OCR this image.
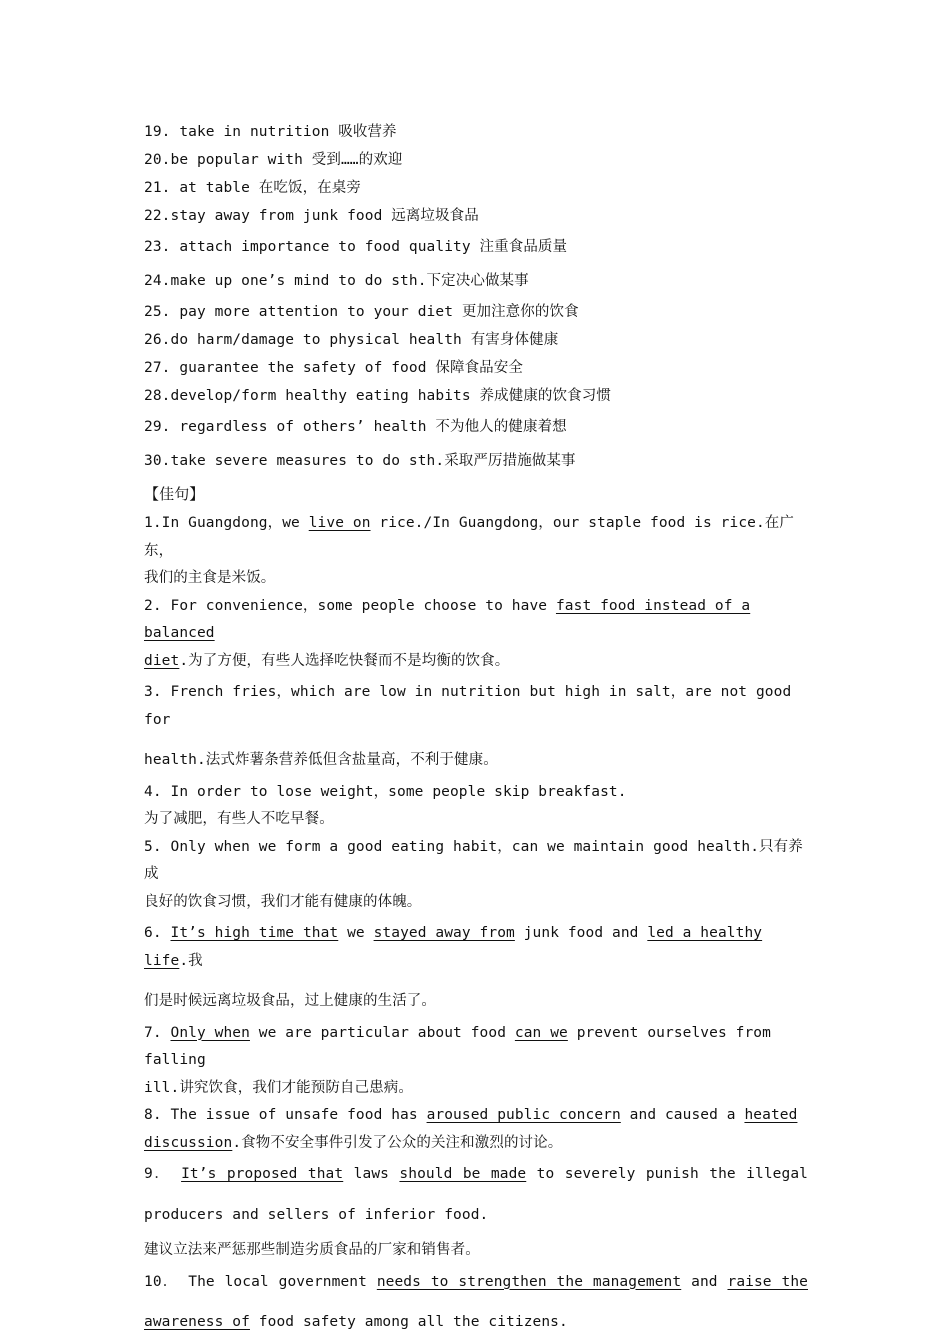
19. take in nutrition 吸收营养
20.be popular with 受到……的欢迎
21. at table 在吃饭，在桌旁
22.stay away from junk food 远离垃圾食品
23. attach importance to food quality 注重食品质量
24.make up one’s mind to do sth.下定决心做某事
25. pay more attention to your diet 更加注意你的饮食
26.do harm/damage to physical health 有害身体健康
27. guarantee the safety of food 保障食品安全
28.develop/form healthy eating habits 养成健康的饮食习惯
29. regardless of others’ health 不为他人的健康着想
30.take severe measures to do sth.采取严厉措施做某事
【佳句】
1.In Guangdong，we live on rice./In Guangdong，our staple food is rice.在广东，
我们的主食是米饭。
2. For convenience，some people choose to have fast food instead of a balanced
diet.为了方便，有些人选择吃快餐而不是均衡的饮食。
3. French fries，which are low in nutrition but high in salt，are not good for
health.法式炸薯条营养低但含盐量高，不利于健康。
4. In order to lose weight，some people skip breakfast.
为了减肥，有些人不吃早餐。
5. Only when we form a good eating habit，can we maintain good health.只有养成
良好的饮食习惯，我们才能有健康的体魄。
6. It’s high time that we stayed away from junk food and led a healthy life.我
们是时候远离垃圾食品，过上健康的生活了。
7. Only when we are particular about food can we prevent ourselves from falling
ill.讲究饮食，我们才能预防自己患病。
8. The issue of unsafe food has aroused public concern and caused a heated
discussion.食物不安全事件引发了公众的关注和激烈的讨论。
9． It’s proposed that laws should be made to severely punish the illegal
producers and sellers of inferior food.
建议立法来严惩那些制造劣质食品的厂家和销售者。
10． The local government needs to strengthen the management and raise the
awareness of food safety among all the citizens.
